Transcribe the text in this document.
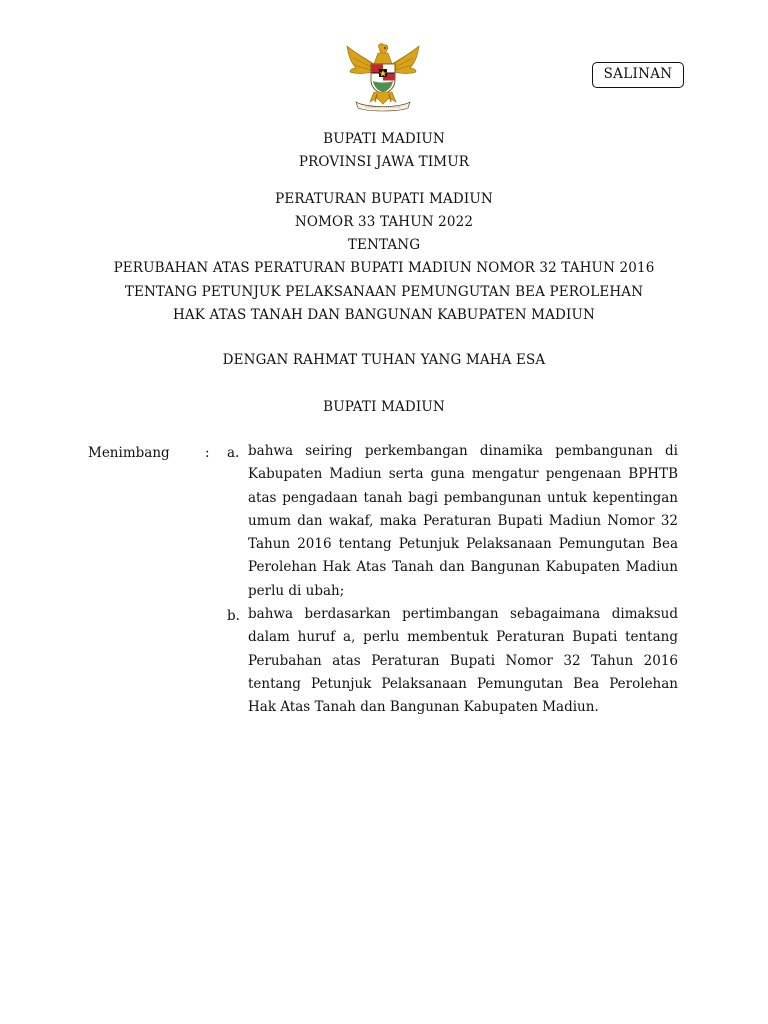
SALINAN
BUPATI MADIUN
PROVINSI JAWA TIMUR
PERATURAN BUPATI MADIUN
NOMOR 33 TAHUN 2022
TENTANG
PERUBAHAN ATAS PERATURAN BUPATI MADIUN NOMOR 32 TAHUN 2016
TENTANG PETUNJUK PELAKSANAAN PEMUNGUTAN BEA PEROLEHAN
HAK ATAS TANAH DAN BANGUNAN KABUPATEN MADIUN
DENGAN RAHMAT TUHAN YANG MAHA ESA
BUPATI MADIUN
Menimbang	: a. bahwa seiring perkembangan dinamika pembangunan di Kabupaten Madiun serta guna mengatur pengenaan BPHTB atas pengadaan tanah bagi pembangunan untuk kepentingan umum dan wakaf, maka Peraturan Bupati Madiun Nomor 32 Tahun 2016 tentang Petunjuk Pelaksanaan Pemungutan Bea Perolehan Hak Atas Tanah dan Bangunan Kabupaten Madiun perlu di ubah;
b. bahwa berdasarkan pertimbangan sebagaimana dimaksud dalam huruf a, perlu membentuk Peraturan Bupati tentang Perubahan atas Peraturan Bupati Nomor 32 Tahun 2016 tentang Petunjuk Pelaksanaan Pemungutan Bea Perolehan Hak Atas Tanah dan Bangunan Kabupaten Madiun.
